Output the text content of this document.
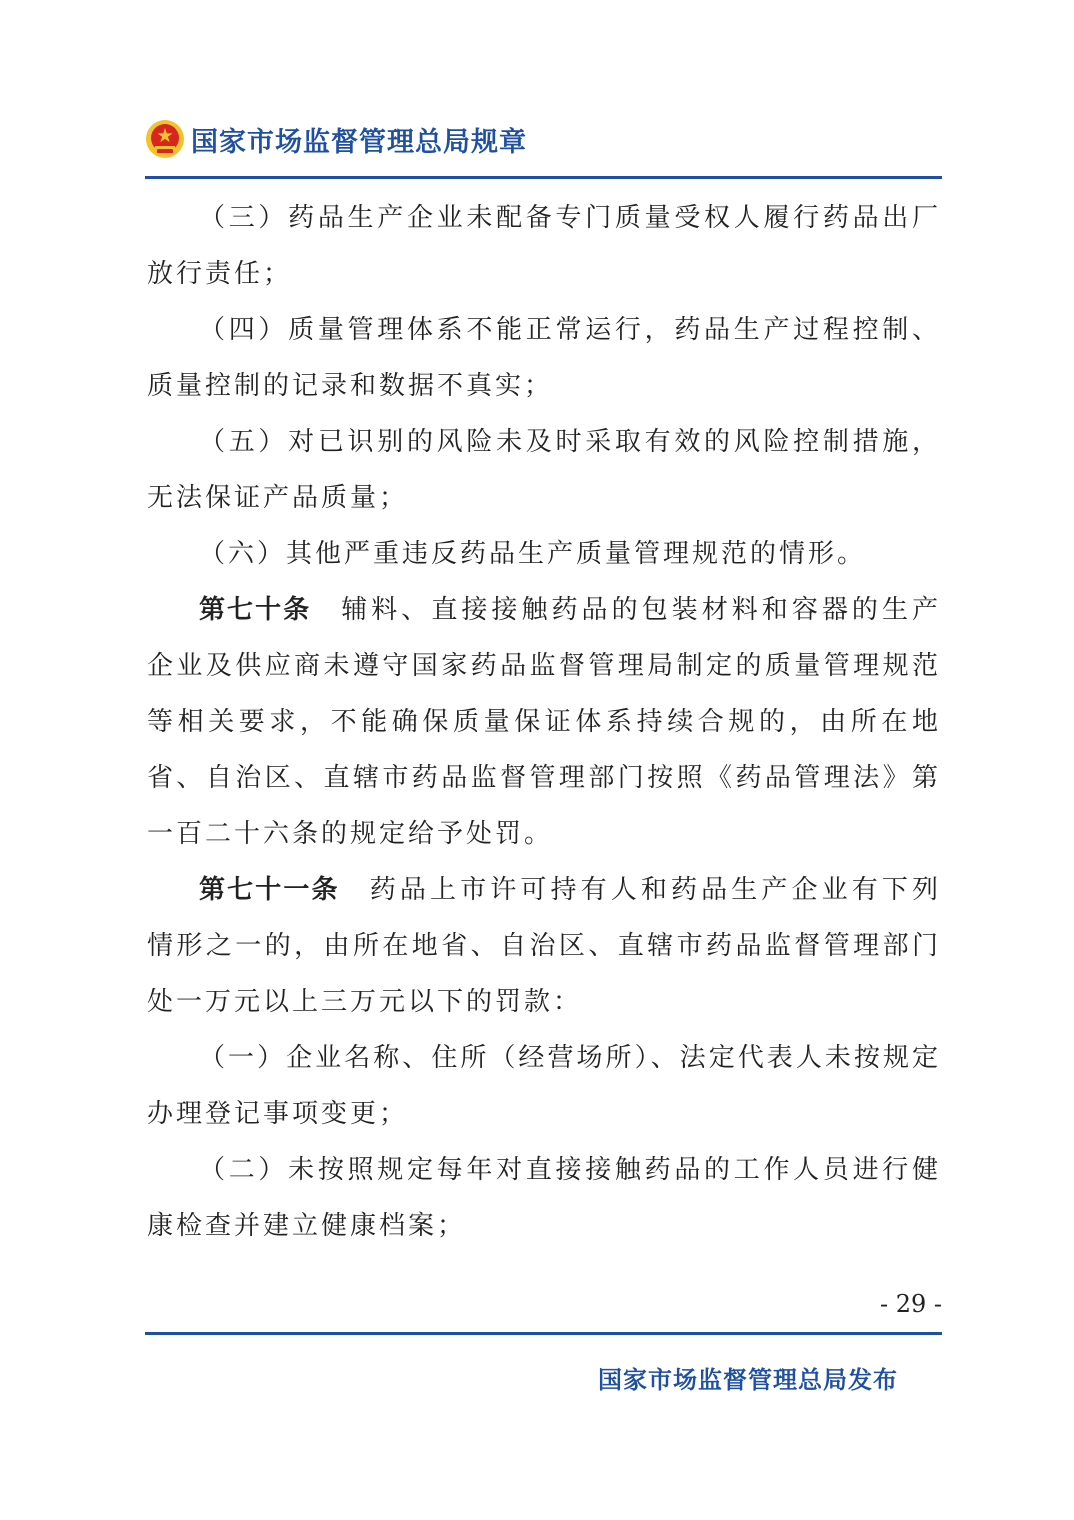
国家市场监督管理总局规章

（三）药品生产企业未配备专门质量受权人履行药品出厂放行责任；

（四）质量管理体系不能正常运行，药品生产过程控制、质量控制的记录和数据不真实；

（五）对已识别的风险未及时采取有效的风险控制措施，无法保证产品质量；

（六）其他严重违反药品生产质量管理规范的情形。

第七十条　辅料、直接接触药品的包装材料和容器的生产企业及供应商未遵守国家药品监督管理局制定的质量管理规范等相关要求，不能确保质量保证体系持续合规的，由所在地省、自治区、直辖市药品监督管理部门按照《药品管理法》第一百二十六条的规定给予处罚。

第七十一条　药品上市许可持有人和药品生产企业有下列情形之一的，由所在地省、自治区、直辖市药品监督管理部门处一万元以上三万元以下的罚款：

（一）企业名称、住所（经营场所）、法定代表人未按规定办理登记事项变更；

（二）未按照规定每年对直接接触药品的工作人员进行健康检查并建立健康档案；

- 29 -
国家市场监督管理总局发布
